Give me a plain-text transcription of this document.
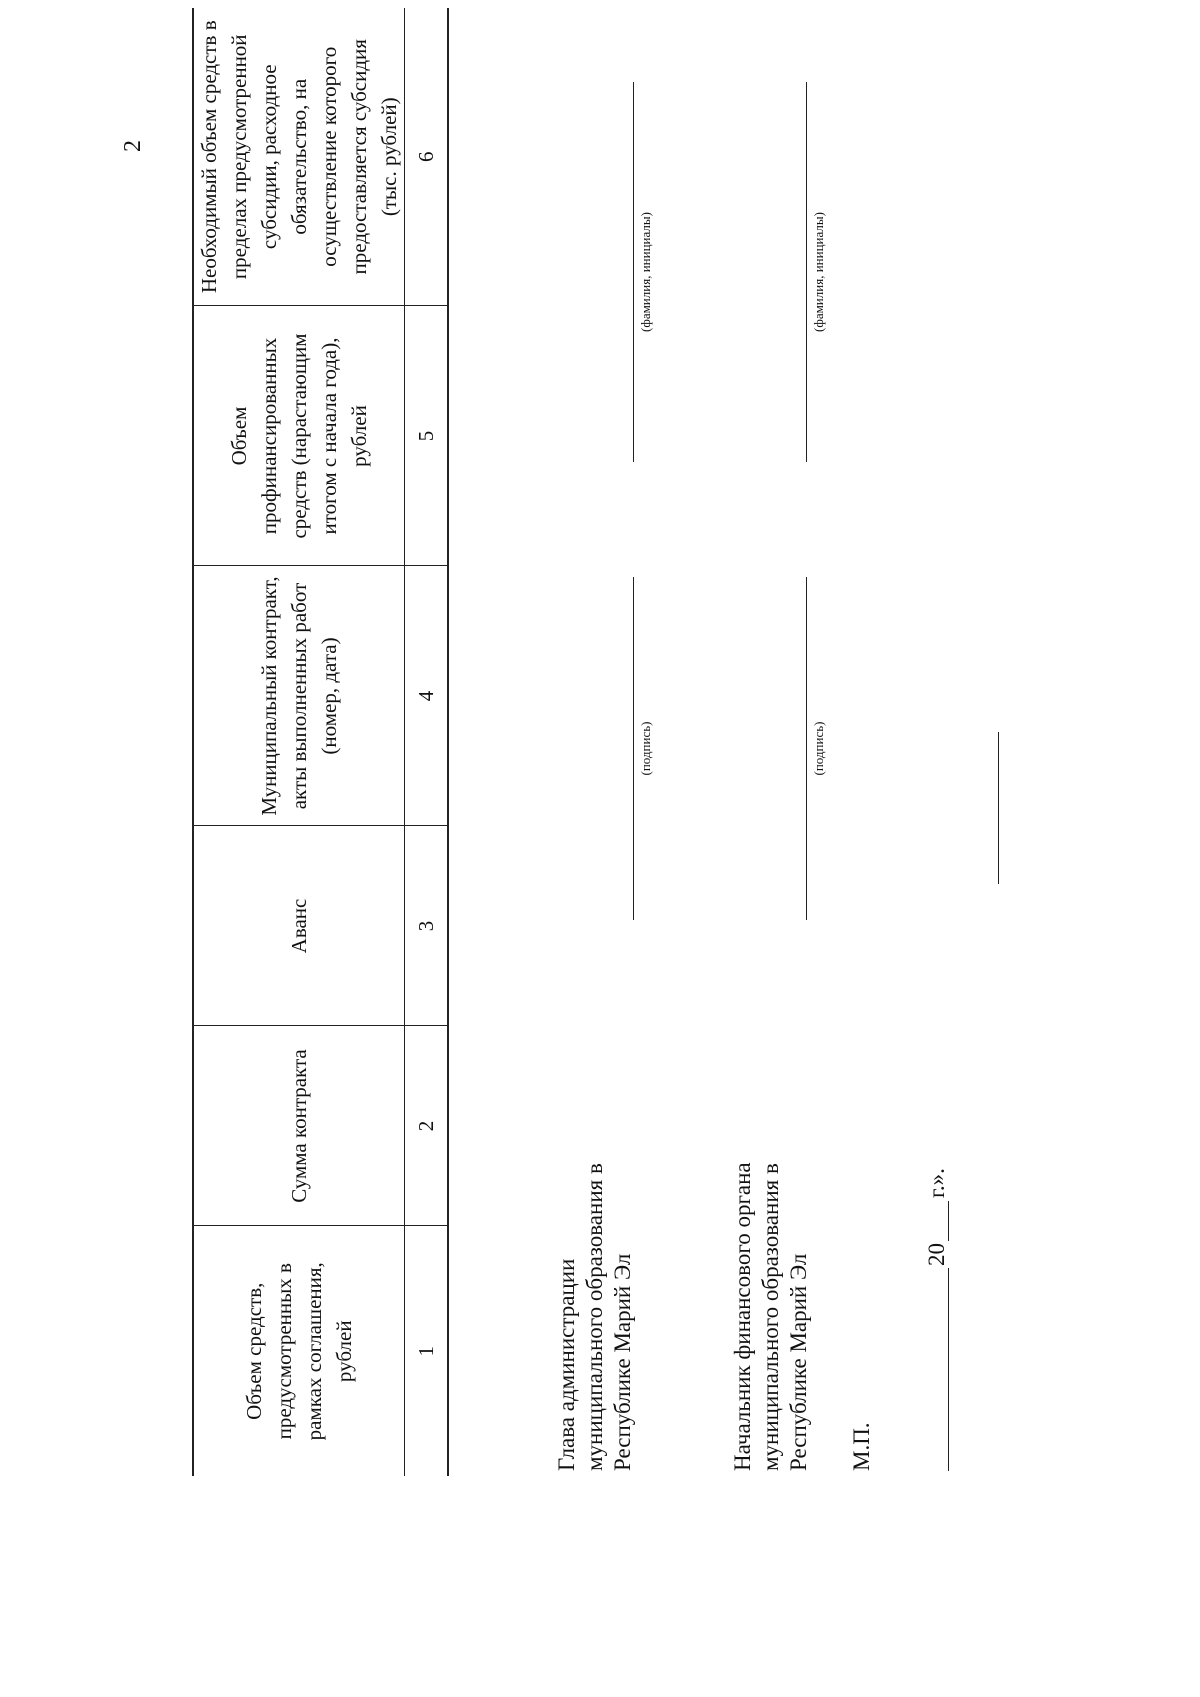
2
Объем средств, предусмотренных в рамках соглашения, рублей	Сумма контракта	Аванс	Муниципальный контракт, акты выполненных работ (номер, дата)	Объем профинансированных средств (нарастающим итогом с начала года), рублей	Необходимый объем средств в пределах предусмотренной субсидии, расходное обязательство, на осуществление которого предоставляется субсидия (тыс. рублей)
1	2	3	4	5	6
Глава администрации муниципального образования в Республике Марий Эл
(подпись)
(фамилия, инициалы)
Начальник финансового органа муниципального образования в Республике Марий Эл
(подпись)
(фамилия, инициалы)
М.П.
20
г.».
